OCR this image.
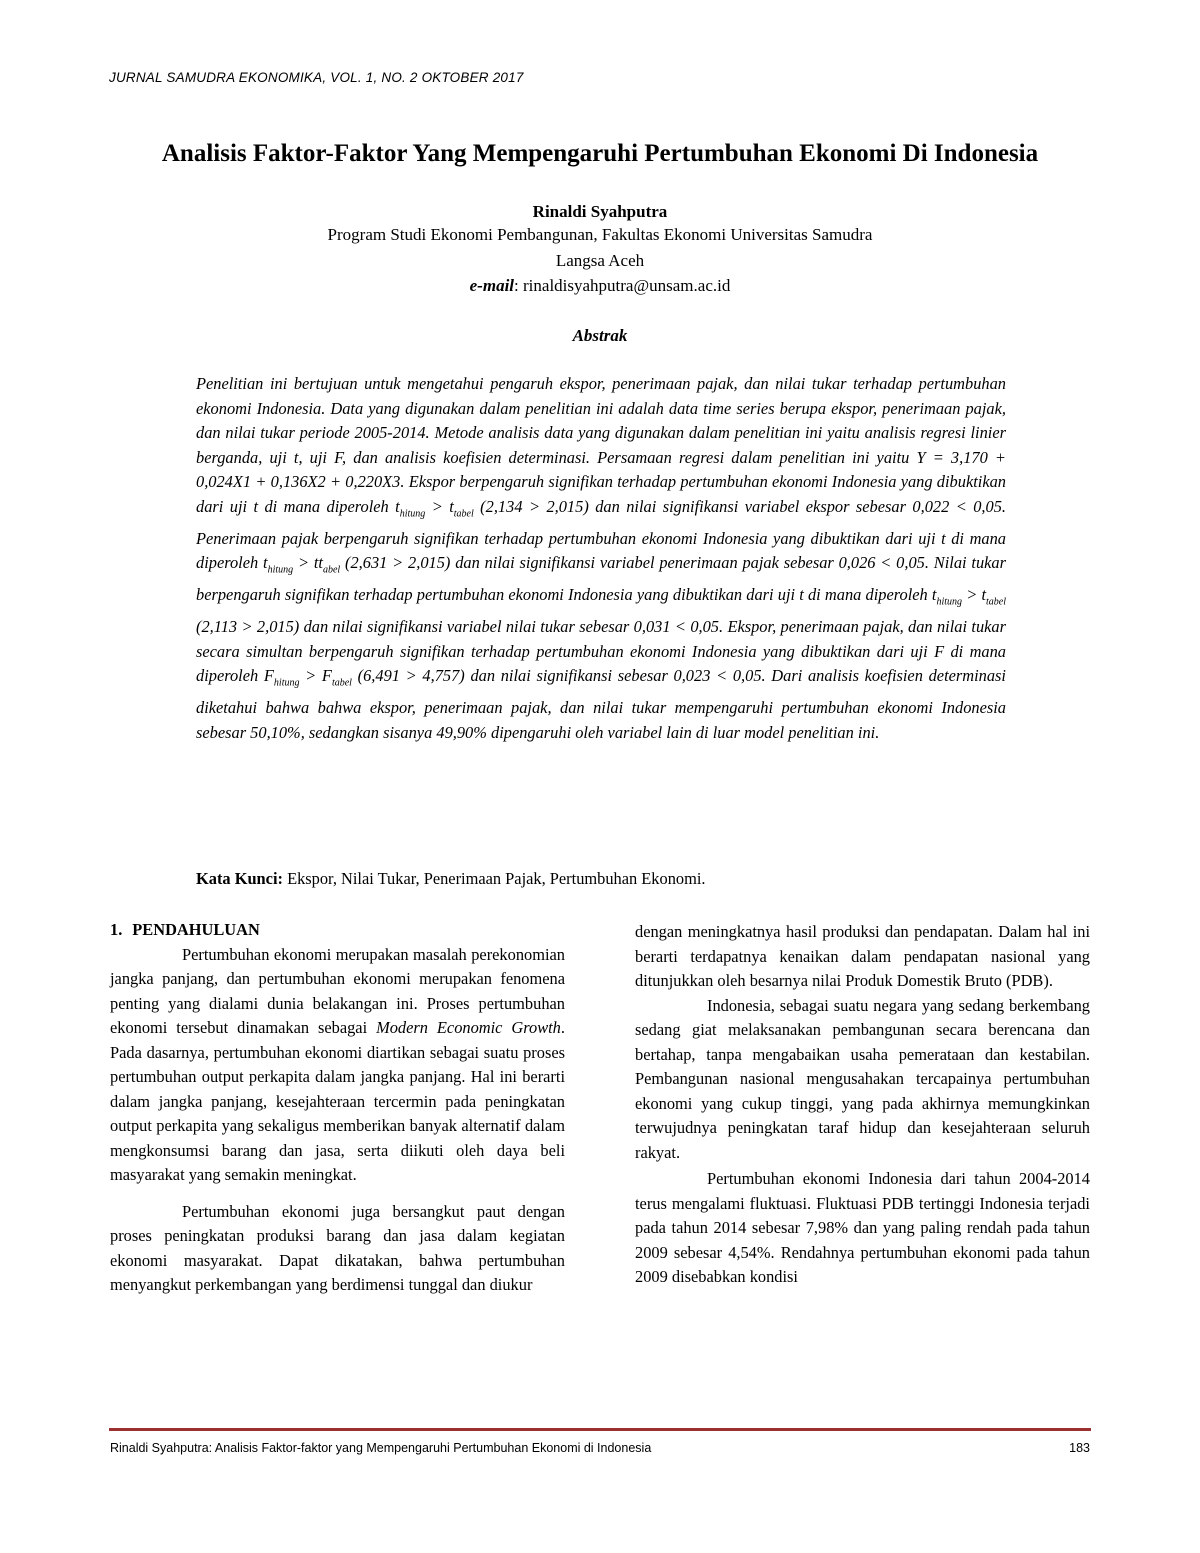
JURNAL SAMUDRA EKONOMIKA, VOL. 1, NO. 2 OKTOBER 2017
Analisis Faktor-Faktor Yang Mempengaruhi Pertumbuhan Ekonomi Di Indonesia
Rinaldi Syahputra
Program Studi Ekonomi Pembangunan, Fakultas Ekonomi Universitas Samudra
Langsa Aceh
e-mail: rinaldisyahputra@unsam.ac.id
Abstrak

Penelitian ini bertujuan untuk mengetahui pengaruh ekspor, penerimaan pajak, dan nilai tukar terhadap pertumbuhan ekonomi Indonesia. Data yang digunakan dalam penelitian ini adalah data time series berupa ekspor, penerimaan pajak, dan nilai tukar periode 2005-2014. Metode analisis data yang digunakan dalam penelitian ini yaitu analisis regresi linier berganda, uji t, uji F, dan analisis koefisien determinasi. Persamaan regresi dalam penelitian ini yaitu Y = 3,170 + 0,024X1 + 0,136X2 + 0,220X3. Ekspor berpengaruh signifikan terhadap pertumbuhan ekonomi Indonesia yang dibuktikan dari uji t di mana diperoleh $t_{hitung} > t_{tabel}$ (2,134 > 2,015) dan nilai signifikansi variabel ekspor sebesar 0,022 < 0,05. Penerimaan pajak berpengaruh signifikan terhadap pertumbuhan ekonomi Indonesia yang dibuktikan dari uji t di mana diperoleh $t_{hitung} > tt_{abel}$ (2,631 > 2,015) dan nilai signifikansi variabel penerimaan pajak sebesar 0,026 < 0,05. Nilai tukar berpengaruh signifikan terhadap pertumbuhan ekonomi Indonesia yang dibuktikan dari uji t di mana diperoleh $t_{hitung} > t_{tabel}$ (2,113 > 2,015) dan nilai signifikansi variabel nilai tukar sebesar 0,031 < 0,05. Ekspor, penerimaan pajak, dan nilai tukar secara simultan berpengaruh signifikan terhadap pertumbuhan ekonomi Indonesia yang dibuktikan dari uji F di mana diperoleh $F_{hitung} > F_{tabel}$ (6,491 > 4,757) dan nilai signifikansi sebesar 0,023 < 0,05. Dari analisis koefisien determinasi diketahui bahwa bahwa ekspor, penerimaan pajak, dan nilai tukar mempengaruhi pertumbuhan ekonomi Indonesia sebesar 50,10%, sedangkan sisanya 49,90% dipengaruhi oleh variabel lain di luar model penelitian ini.

Kata Kunci: Ekspor, Nilai Tukar, Penerimaan Pajak, Pertumbuhan Ekonomi.
1. PENDAHULUAN

Pertumbuhan ekonomi merupakan masalah perekonomian jangka panjang, dan pertumbuhan ekonomi merupakan fenomena penting yang dialami dunia belakangan ini. Proses pertumbuhan ekonomi tersebut dinamakan sebagai Modern Economic Growth. Pada dasarnya, pertumbuhan ekonomi diartikan sebagai suatu proses pertumbuhan output perkapita dalam jangka panjang. Hal ini berarti dalam jangka panjang, kesejahteraan tercermin pada peningkatan output perkapita yang sekaligus memberikan banyak alternatif dalam mengkonsumsi barang dan jasa, serta diikuti oleh daya beli masyarakat yang semakin meningkat.

Pertumbuhan ekonomi juga bersangkut paut dengan proses peningkatan produksi barang dan jasa dalam kegiatan ekonomi masyarakat. Dapat dikatakan, bahwa pertumbuhan menyangkut perkembangan yang berdimensi tunggal dan diukur

dengan meningkatnya hasil produksi dan pendapatan. Dalam hal ini berarti terdapatnya kenaikan dalam pendapatan nasional yang ditunjukkan oleh besarnya nilai Produk Domestik Bruto (PDB).

Indonesia, sebagai suatu negara yang sedang berkembang sedang giat melaksanakan pembangunan secara berencana dan bertahap, tanpa mengabaikan usaha pemerataan dan kestabilan. Pembangunan nasional mengusahakan tercapainya pertumbuhan ekonomi yang cukup tinggi, yang pada akhirnya memungkinkan terwujudnya peningkatan taraf hidup dan kesejahteraan seluruh rakyat.

Pertumbuhan ekonomi Indonesia dari tahun 2004-2014 terus mengalami fluktuasi. Fluktuasi PDB tertinggi Indonesia terjadi pada tahun 2014 sebesar 7,98% dan yang paling rendah pada tahun 2009 sebesar 4,54%. Rendahnya pertumbuhan ekonomi pada tahun 2009 disebabkan kondisi

Rinaldi Syahputra: Analisis Faktor-faktor yang Mempengaruhi Pertumbuhan Ekonomi di Indonesia	183
